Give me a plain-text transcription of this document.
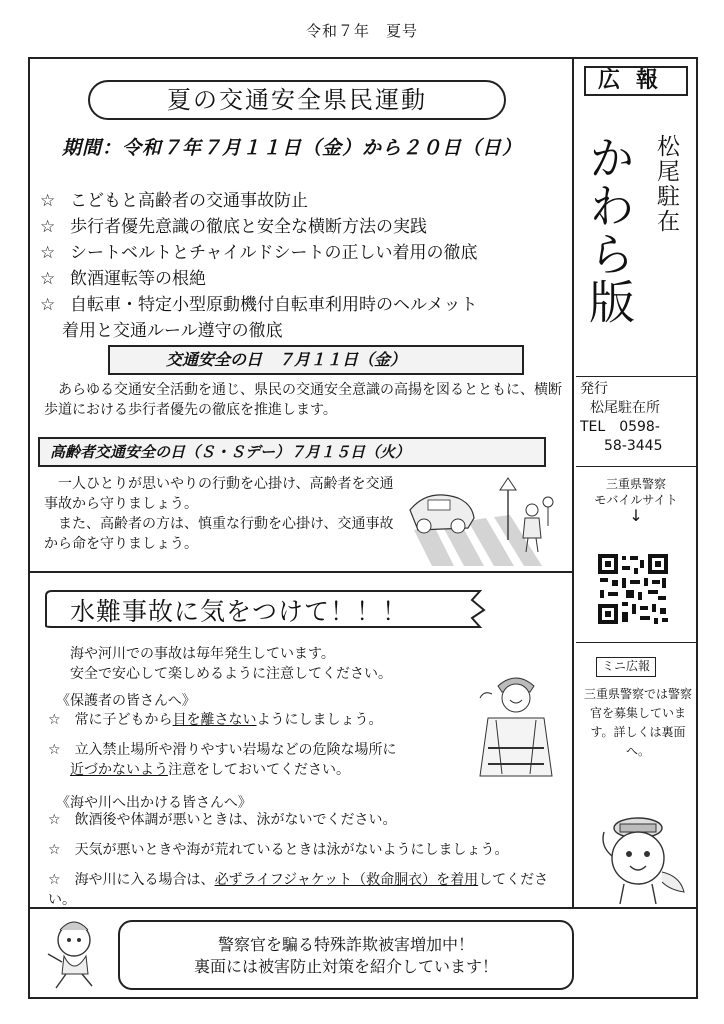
令和７年　夏号
夏の交通安全県民運動
期間：令和７年７月１１日（金）から２０日（日）
☆ こどもと高齢者の交通事故防止
☆ 歩行者優先意識の徹底と安全な横断方法の実践
☆ シートベルトとチャイルドシートの正しい着用の徹底
☆ 飲酒運転等の根絶
☆ 自転車・特定小型原動機付自転車利用時のヘルメット
着用と交通ルール遵守の徹底
交通安全の日　７月１１日（金）
　あらゆる交通安全活動を通じ、県民の交通安全意識の高揚を図るとともに、横断歩道における歩行者優先の徹底を推進します。
高齢者交通安全の日（Ｓ・Ｓデー）７月１５日（火）
　一人ひとりが思いやりの行動を心掛け、高齢者を交通事故から守りましょう。
　また、高齢者の方は、慎重な行動を心掛け、交通事故から命を守りましょう。
水難事故に気をつけて！！！
海や河川での事故は毎年発生しています。
安全で安心して楽しめるように注意してください。
《保護者の皆さんへ》
☆　 常に子どもから目を離さないようにしましょう。
☆　 立入禁止場所や滑りやすい岩場などの危険な場所に
近づかないよう注意をしておいてください。
《海や川へ出かける皆さんへ》
☆　 飲酒後や体調が悪いときは、泳がないでください。
☆　 天気が悪いときや海が荒れているときは泳がないようにしましょう。
☆　 海や川に入る場合は、必ずライフジャケット（救命胴衣）を着用してください。
警察官を騙る特殊詐欺被害増加中！
裏面には被害防止対策を紹介しています！
広報
かわら版 松尾駐在
発行
松尾駐在所
TEL　0598-
58-3445
三重県警察
モバイルサイト
↓
ミニ広報
三重県警察では警察官を募集しています。詳しくは裏面へ。
